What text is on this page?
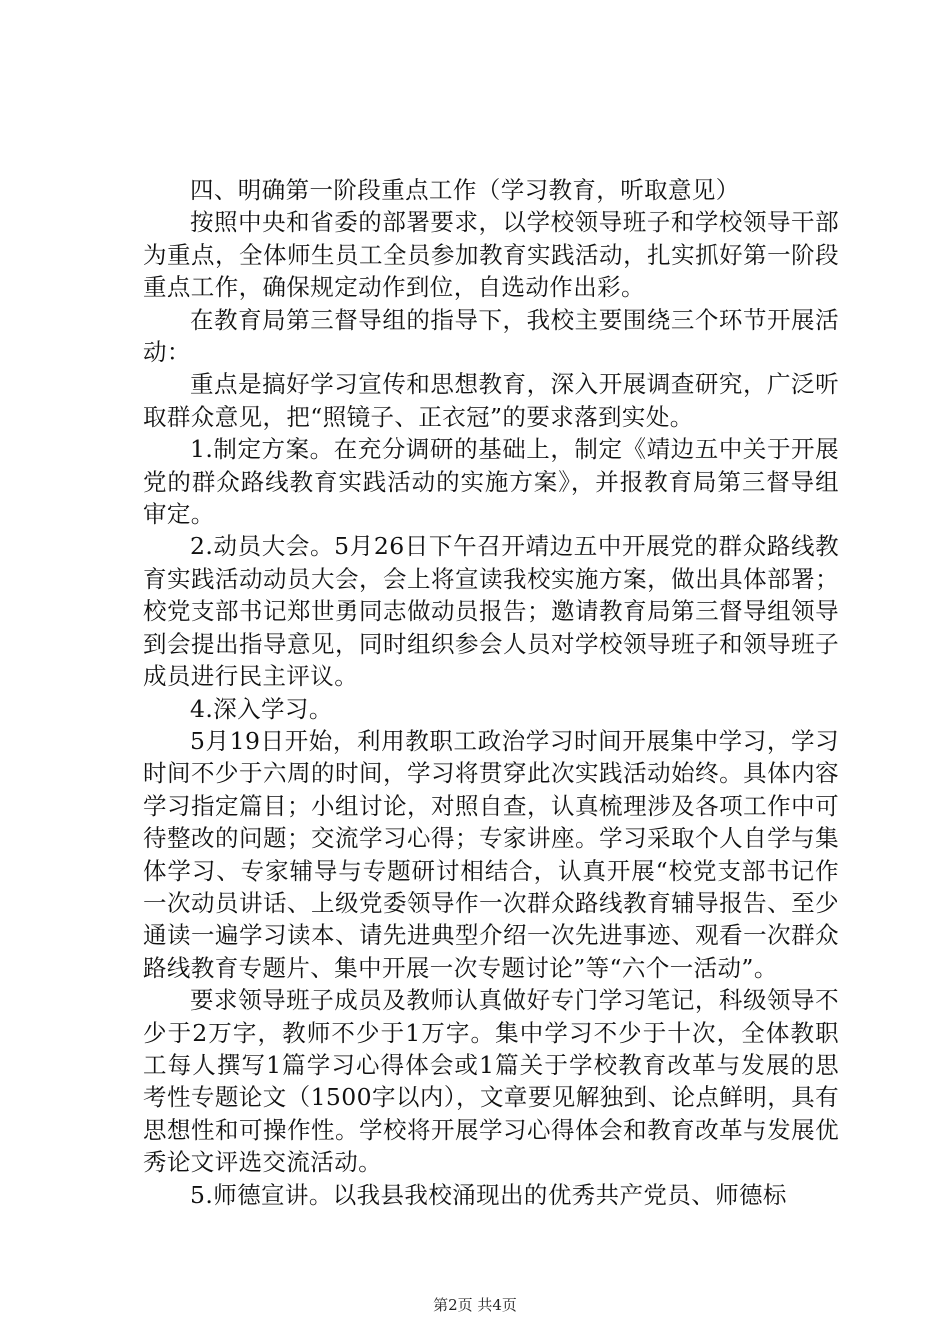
四、明确第一阶段重点工作（学习教育，听取意见）

按照中央和省委的部署要求，以学校领导班子和学校领导干部为重点，全体师生员工全员参加教育实践活动，扎实抓好第一阶段重点工作，确保规定动作到位，自选动作出彩。

在教育局第三督导组的指导下，我校主要围绕三个环节开展活动：

重点是搞好学习宣传和思想教育，深入开展调查研究，广泛听取群众意见，把“照镜子、正衣冠”的要求落到实处。

1.制定方案。在充分调研的基础上，制定《靖边五中关于开展党的群众路线教育实践活动的实施方案》，并报教育局第三督导组审定。

2.动员大会。5月26日下午召开靖边五中开展党的群众路线教育实践活动动员大会，会上将宣读我校实施方案，做出具体部署；校党支部书记郑世勇同志做动员报告；邀请教育局第三督导组领导到会提出指导意见，同时组织参会人员对学校领导班子和领导班子成员进行民主评议。

4.深入学习。

5月19日开始，利用教职工政治学习时间开展集中学习，学习时间不少于六周的时间，学习将贯穿此次实践活动始终。具体内容学习指定篇目；小组讨论，对照自查，认真梳理涉及各项工作中可待整改的问题；交流学习心得；专家讲座。学习采取个人自学与集体学习、专家辅导与专题研讨相结合，认真开展“校党支部书记作一次动员讲话、上级党委领导作一次群众路线教育辅导报告、至少通读一遍学习读本、请先进典型介绍一次先进事迹、观看一次群众路线教育专题片、集中开展一次专题讨论”等“六个一活动”。

要求领导班子成员及教师认真做好专门学习笔记，科级领导不少于2万字，教师不少于1万字。集中学习不少于十次，全体教职工每人撰写1篇学习心得体会或1篇关于学校教育改革与发展的思考性专题论文（1500字以内），文章要见解独到、论点鲜明，具有思想性和可操作性。学校将开展学习心得体会和教育改革与发展优秀论文评选交流活动。

5.师德宣讲。以我县我校涌现出的优秀共产党员、师德标

第2页 共4页
